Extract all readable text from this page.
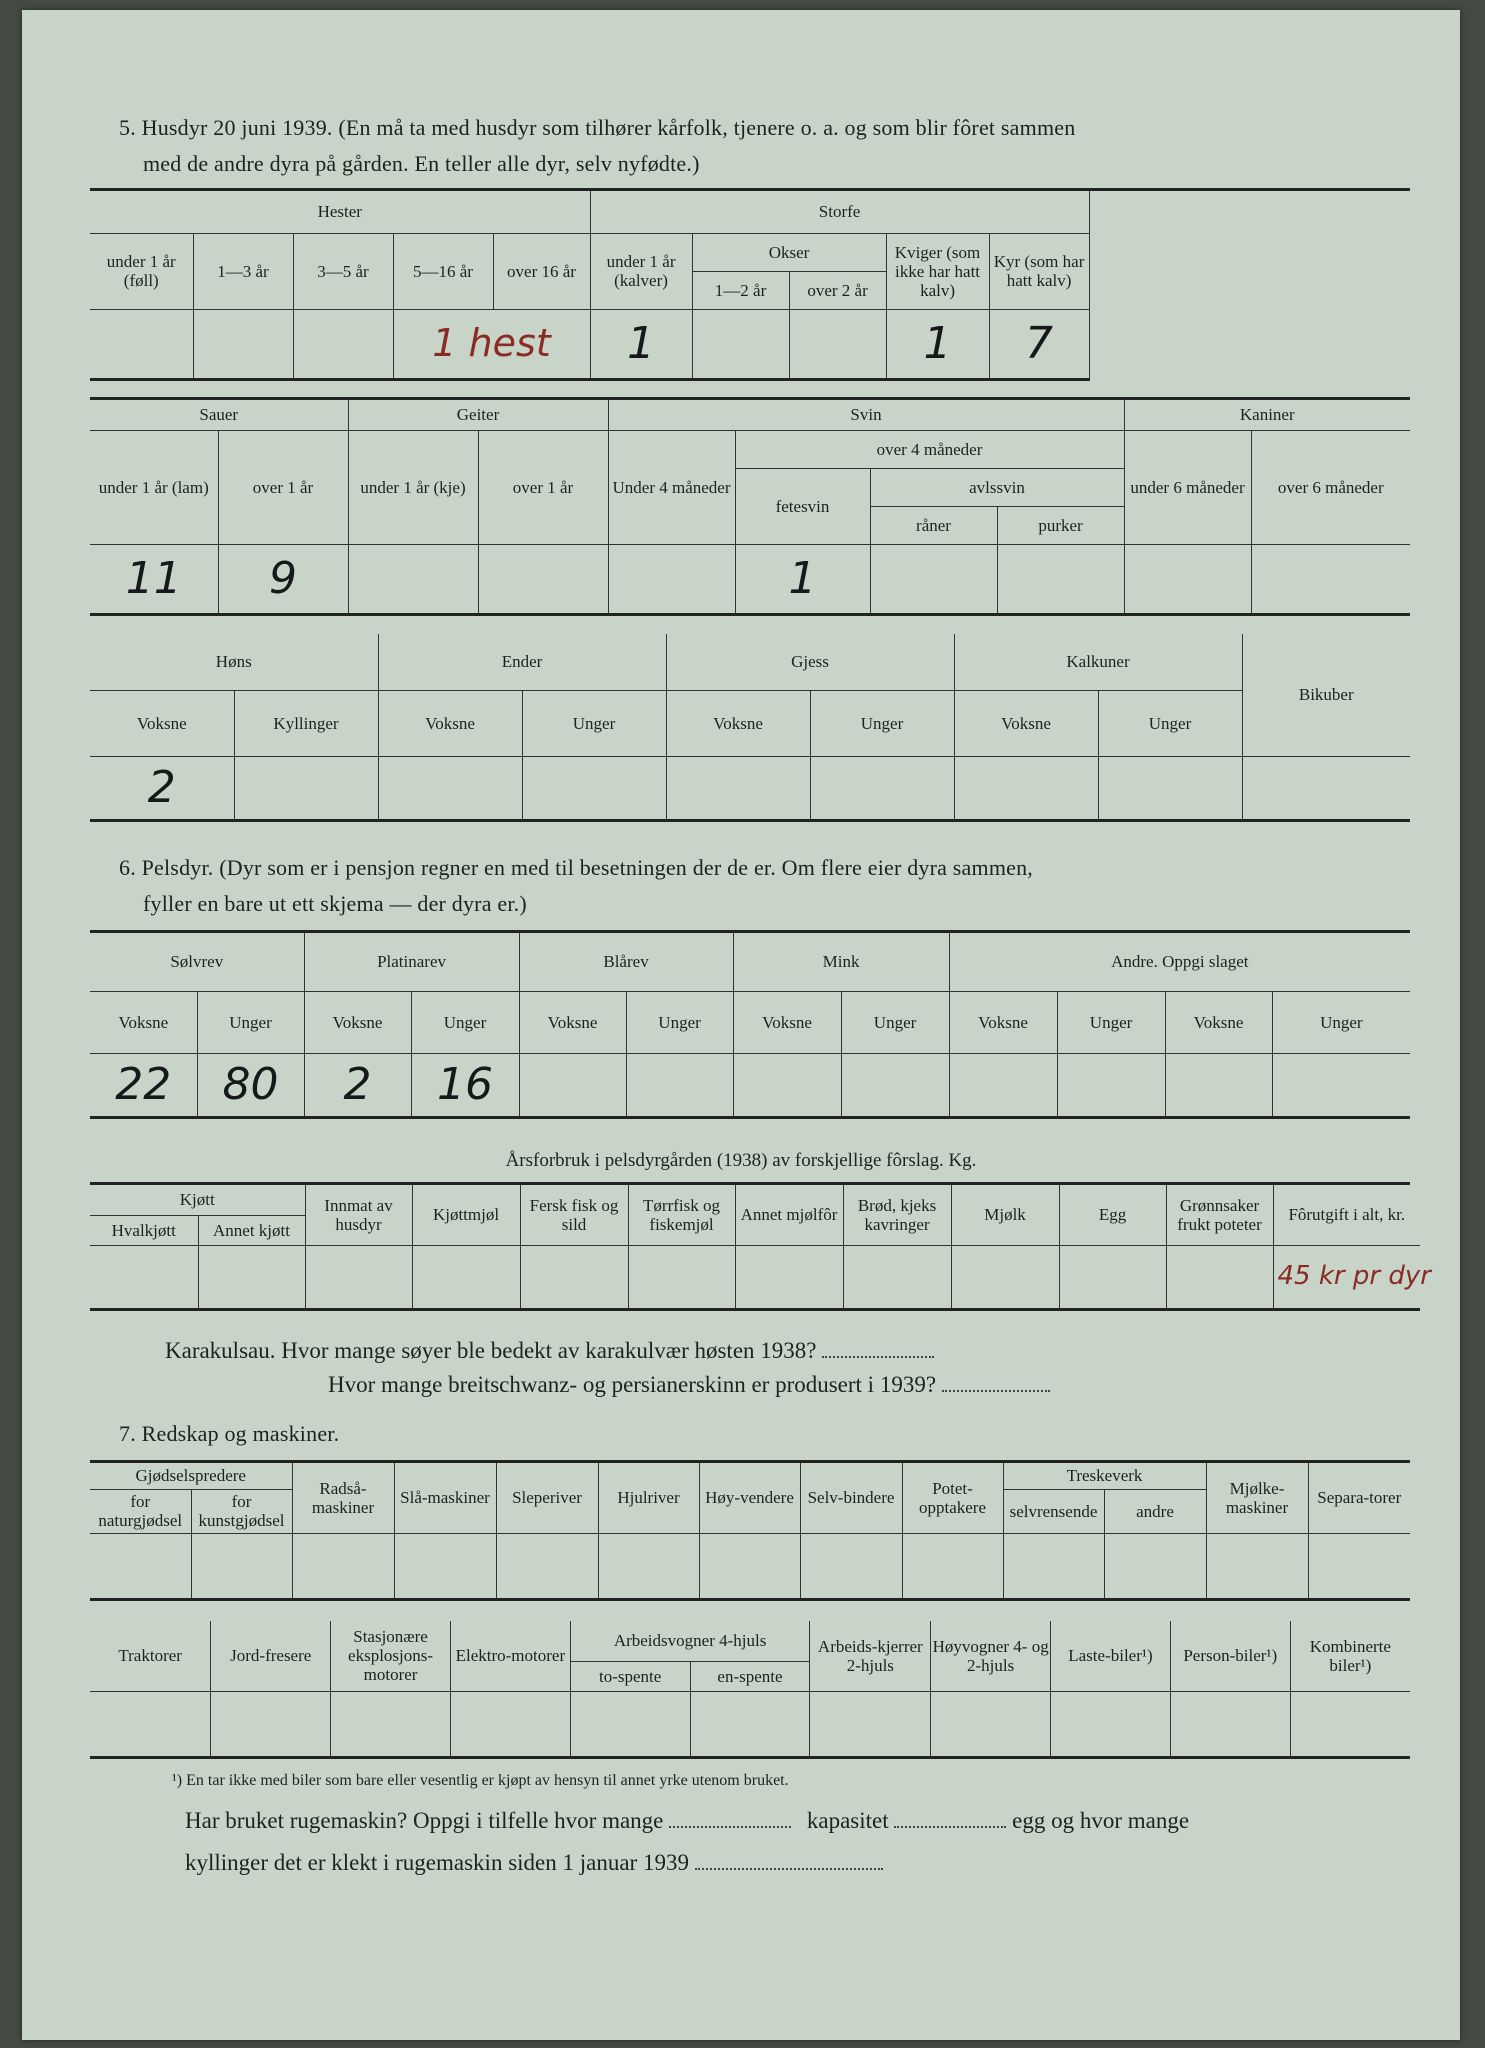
5. Husdyr 20 juni 1939. (En må ta med husdyr som tilhører kårfolk, tjenere o. a. og som blir fôret sammen
med de andre dyra på gården. En teller alle dyr, selv nyfødte.)
Hester					Storfe					
under 1 år (føll)	1—3 år	3—5 år	5—16 år	over 16 år	under 1 år (kalver)	Okser		Kviger (som ikke har hatt kalv)	Kyr (som har hatt kalv)	
						1—2 år	over 2 år			
			1 hest		1			1	7	
Sauer		Geiter		Svin				Kaniner	
under 1 år (lam)	over 1 år	under 1 år (kje)	over 1 år	Under 4 måneder	over 4 måneder			under 6 måneder	over 6 måneder
					fetesvin	avlssvin			
						råner	purker		
11	9				1				
Høns		Ender		Gjess		Kalkuner		Bikuber
Voksne	Kyllinger	Voksne	Unger	Voksne	Unger	Voksne	Unger	
2								
6. Pelsdyr. (Dyr som er i pensjon regner en med til besetningen der de er. Om flere eier dyra sammen,
fyller en bare ut ett skjema — der dyra er.)
Sølvrev		Platinarev		Blårev		Mink		Andre. Oppgi slaget			
Voksne	Unger	Voksne	Unger	Voksne	Unger	Voksne	Unger	Voksne	Unger	Voksne	Unger
22	80	2	16								
Årsforbruk i pelsdyrgården (1938) av forskjellige fôrslag. Kg.
Kjøtt		Innmat av husdyr	Kjøttmjøl	Fersk fisk og sild	Tørrfisk og fiskemjøl	Annet mjølfôr	Brød, kjeks kavringer	Mjølk	Egg	Grønnsaker frukt poteter	Fôrutgift i alt, kr.
Hvalkjøtt	Annet kjøtt										
											45 kr pr dyr
Karakulsau. Hvor mange søyer ble bedekt av karakulvær høsten 1938?
Hvor mange breitschwanz- og persianerskinn er produsert i 1939?
7. Redskap og maskiner.
Gjødselspredere		Radså-maskiner	Slå-maskiner	Sleperiver	Hjulriver	Høy-vendere	Selv-bindere	Potet-opptakere	Treskeverk		Mjølke-maskiner	Separa-torer
for naturgjødsel	for kunstgjødsel								selvrensende	andre		

Traktorer	Jord-fresere	Stasjonære eksplosjons-motorer	Elektro-motorer	Arbeidsvogner 4-hjuls		Arbeids-kjerrer 2-hjuls	Høyvogner 4- og 2-hjuls	Laste-biler¹)	Person-biler¹)	Kombinerte biler¹)
				to-spente	en-spente					

¹) En tar ikke med biler som bare eller vesentlig er kjøpt av hensyn til annet yrke utenom bruket.
Har bruket rugemaskin? Oppgi i tilfelle hvor mange	kapasitet	egg og hvor mange
kyllinger det er klekt i rugemaskin siden 1 januar 1939
